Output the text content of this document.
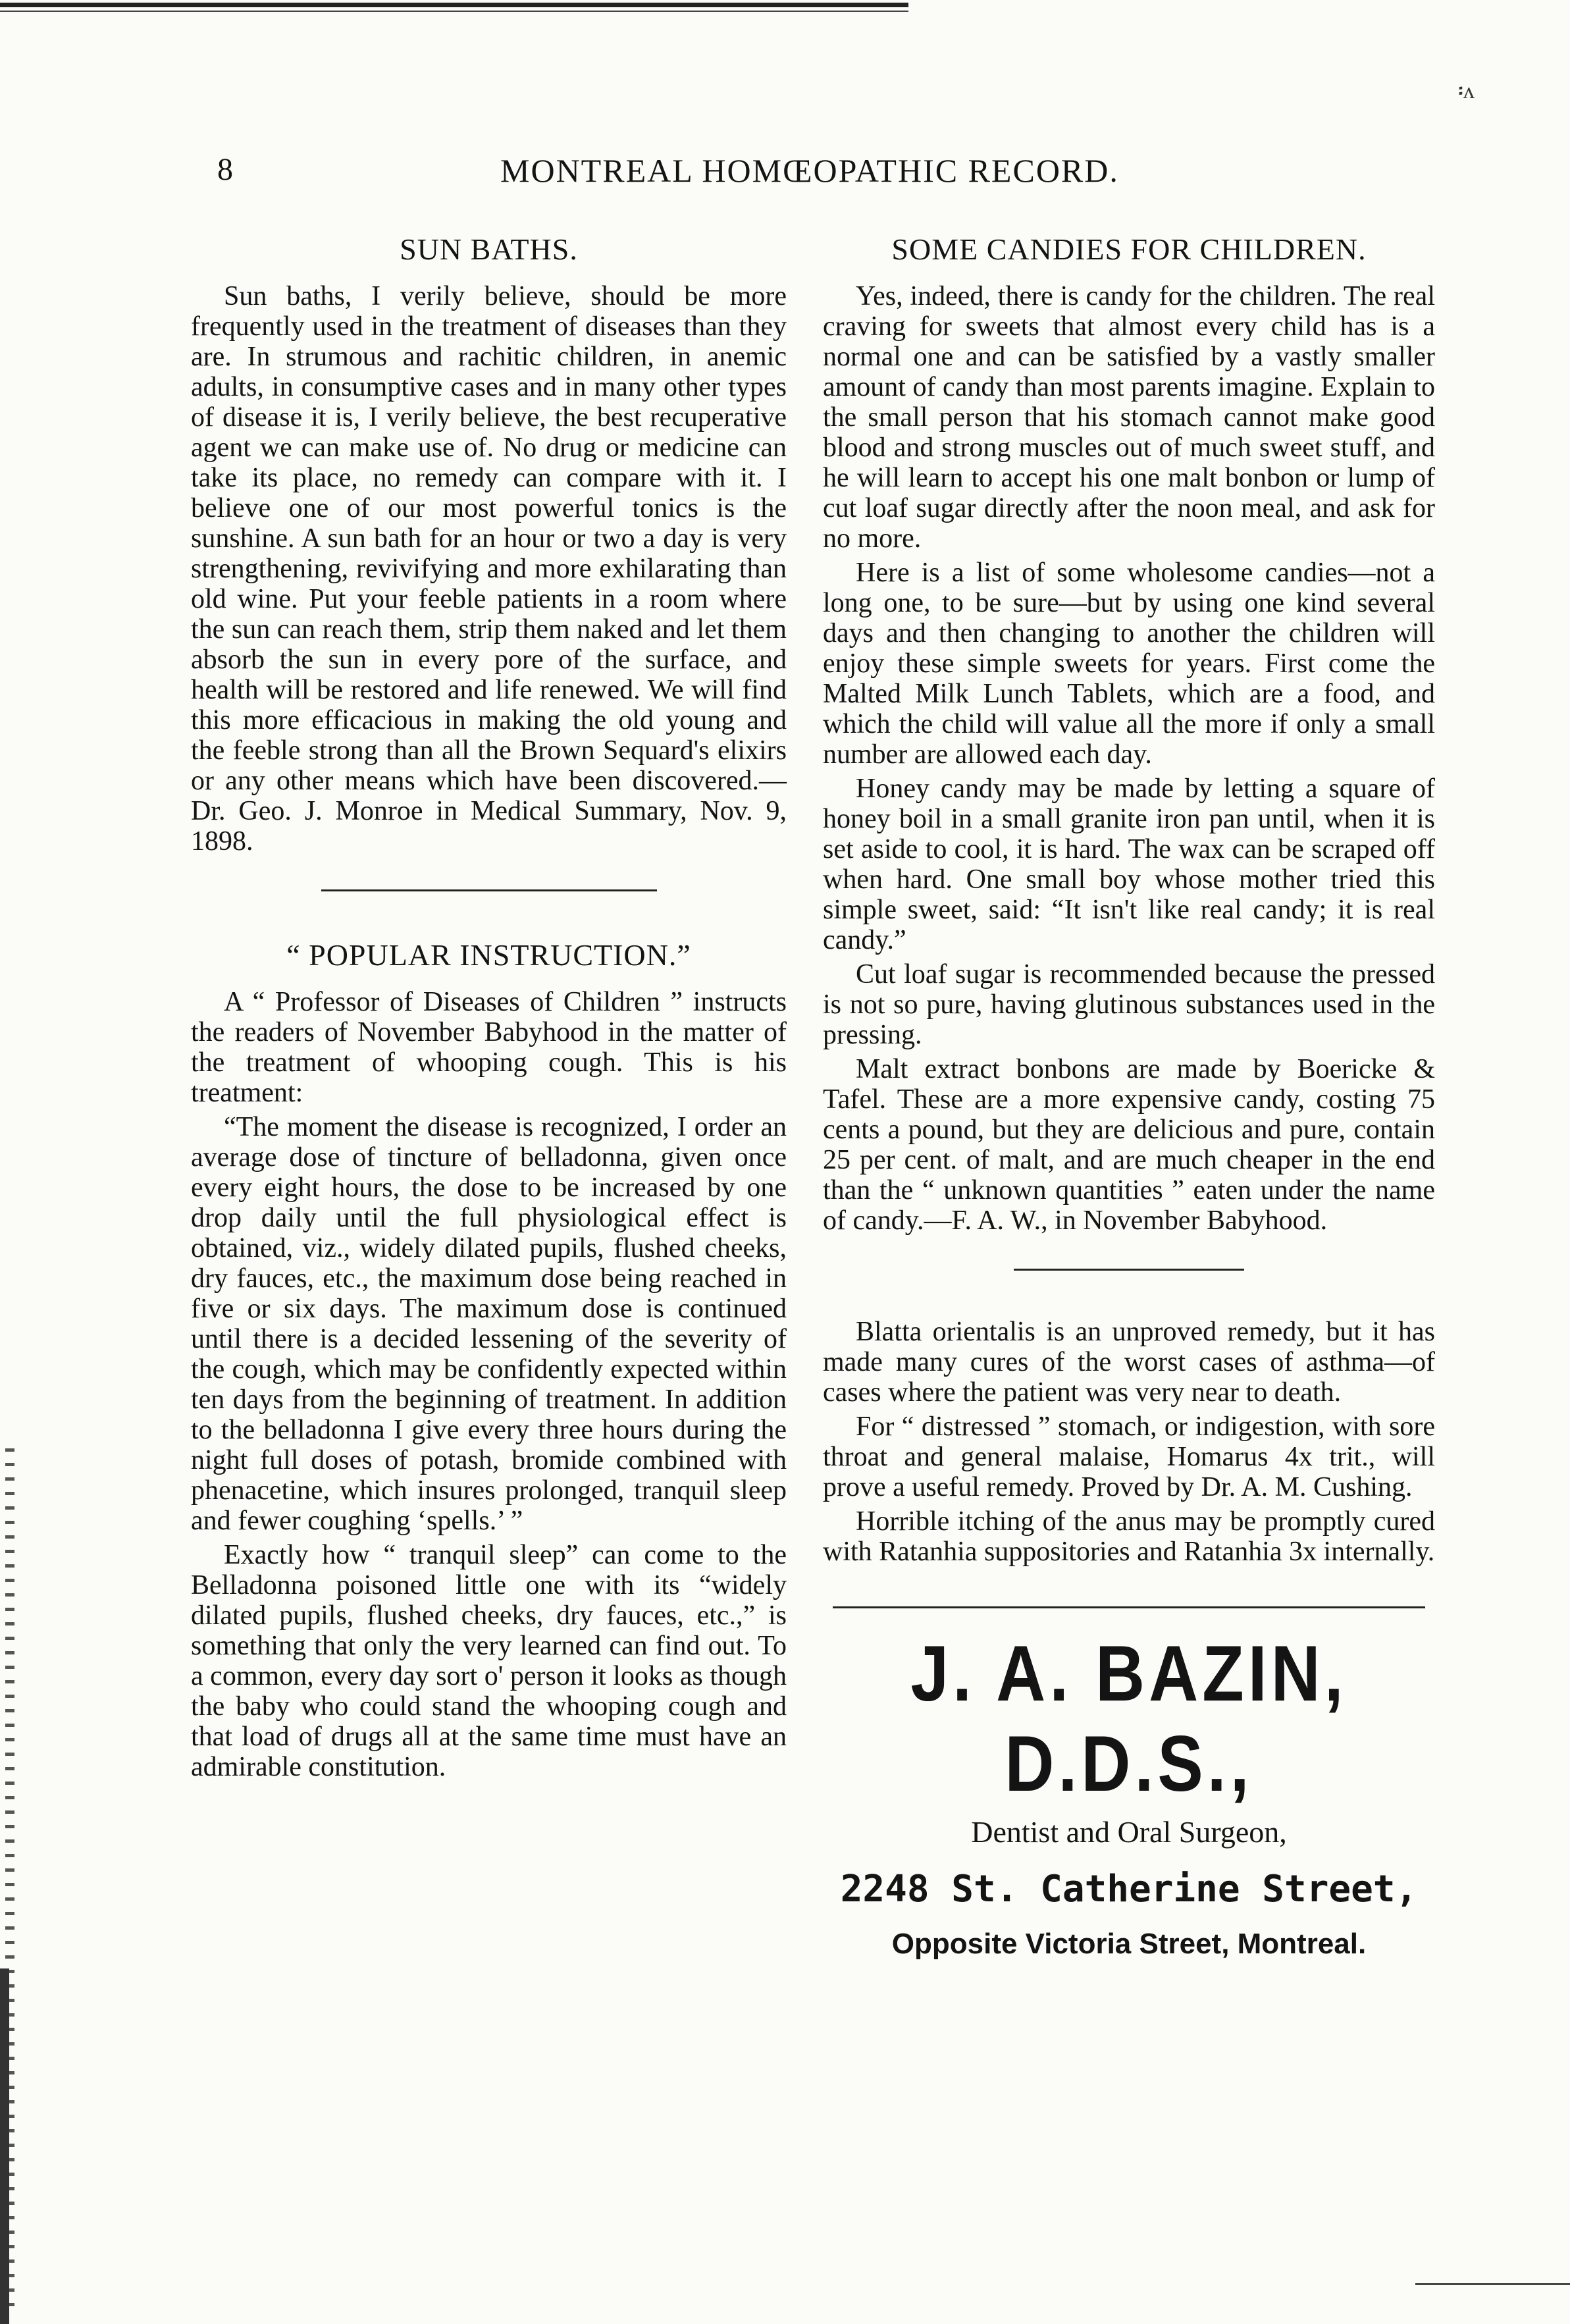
፡ʌ
8	MONTREAL HOMŒOPATHIC RECORD.
SUN BATHS.

Sun baths, I verily believe, should be more frequently used in the treatment of diseases than they are. In strumous and rachitic children, in anemic adults, in consumptive cases and in many other types of disease it is, I verily believe, the best recuperative agent we can make use of. No drug or medicine can take its place, no remedy can compare with it. I believe one of our most powerful tonics is the sunshine. A sun bath for an hour or two a day is very strengthening, revivifying and more exhilarating than old wine. Put your feeble patients in a room where the sun can reach them, strip them naked and let them absorb the sun in every pore of the surface, and health will be restored and life renewed. We will find this more efficacious in making the old young and the feeble strong than all the Brown Sequard's elixirs or any other means which have been discovered.—Dr. Geo. J. Monroe in Medical Summary, Nov. 9, 1898.

“ POPULAR INSTRUCTION.”

A “ Professor of Diseases of Children ” instructs the readers of November Babyhood in the matter of the treatment of whooping cough. This is his treatment:

“The moment the disease is recognized, I order an average dose of tincture of belladonna, given once every eight hours, the dose to be increased by one drop daily until the full physiological effect is obtained, viz., widely dilated pupils, flushed cheeks, dry fauces, etc., the maximum dose being reached in five or six days. The maximum dose is continued until there is a decided lessening of the severity of the cough, which may be confidently expected within ten days from the beginning of treatment. In addition to the belladonna I give every three hours during the night full doses of potash, bromide combined with phenacetine, which insures prolonged, tranquil sleep and fewer coughing ‘spells.’ ”

Exactly how “ tranquil sleep” can come to the Belladonna poisoned little one with its “widely dilated pupils, flushed cheeks, dry fauces, etc.,” is something that only the very learned can find out. To a common, every day sort o' person it looks as though the baby who could stand the whooping cough and that load of drugs all at the same time must have an admirable constitution.

SOME CANDIES FOR CHILDREN.

Yes, indeed, there is candy for the children. The real craving for sweets that almost every child has is a normal one and can be satisfied by a vastly smaller amount of candy than most parents imagine. Explain to the small person that his stomach cannot make good blood and strong muscles out of much sweet stuff, and he will learn to accept his one malt bonbon or lump of cut loaf sugar directly after the noon meal, and ask for no more.

Here is a list of some wholesome candies—not a long one, to be sure—but by using one kind several days and then changing to another the children will enjoy these simple sweets for years. First come the Malted Milk Lunch Tablets, which are a food, and which the child will value all the more if only a small number are allowed each day.

Honey candy may be made by letting a square of honey boil in a small granite iron pan until, when it is set aside to cool, it is hard. The wax can be scraped off when hard. One small boy whose mother tried this simple sweet, said: “It isn't like real candy; it is real candy.”

Cut loaf sugar is recommended because the pressed is not so pure, having glutinous substances used in the pressing.

Malt extract bonbons are made by Boericke & Tafel. These are a more expensive candy, costing 75 cents a pound, but they are delicious and pure, contain 25 per cent. of malt, and are much cheaper in the end than the “ unknown quantities ” eaten under the name of candy.—F. A. W., in November Babyhood.

Blatta orientalis is an unproved remedy, but it has made many cures of the worst cases of asthma—of cases where the patient was very near to death.

For “ distressed ” stomach, or indigestion, with sore throat and general malaise, Homarus 4x trit., will prove a useful remedy. Proved by Dr. A. M. Cushing.

Horrible itching of the anus may be promptly cured with Ratanhia suppositories and Ratanhia 3x internally.

J. A. BAZIN, D.D.S.,
Dentist and Oral Surgeon,
2248 St. Catherine Street,
Opposite Victoria Street, Montreal.
